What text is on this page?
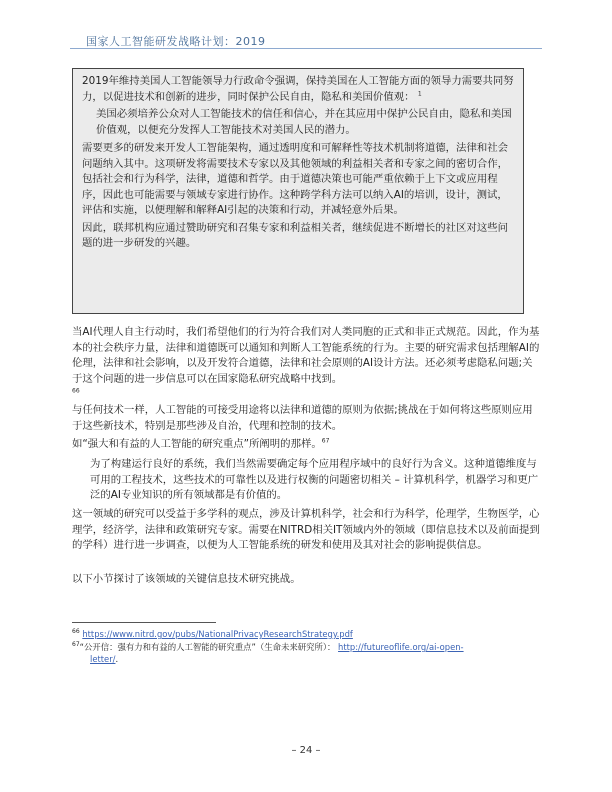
国家人工智能研发战略计划：2019

2019年维持美国人工智能领导力行政命令强调，保持美国在人工智能方面的领导力需要共同努力，以促进技术和创新的进步，同时保护公民自由，隐私和美国价值观： $^1$

美国必须培养公众对人工智能技术的信任和信心，并在其应用中保护公民自由，隐私和美国价值观，以便充分发挥人工智能技术对美国人民的潜力。

需要更多的研发来开发人工智能架构，通过透明度和可解释性等技术机制将道德，法律和社会问题纳入其中。这项研发将需要技术专家以及其他领域的利益相关者和专家之间的密切合作，包括社会和行为科学，法律，道德和哲学。由于道德决策也可能严重依赖于上下文或应用程序，因此也可能需要与领域专家进行协作。这种跨学科方法可以纳入AI的培训，设计，测试，评估和实施，以便理解和解释AI引起的决策和行动，并减轻意外后果。

因此，联邦机构应通过赞助研究和召集专家和利益相关者，继续促进不断增长的社区对这些问题的进一步研发的兴趣。

当AI代理人自主行动时，我们希望他们的行为符合我们对人类同胞的正式和非正式规范。因此，作为基本的社会秩序力量，法律和道德既可以通知和判断人工智能系统的行为。主要的研究需求包括理解AI的伦理，法律和社会影响，以及开发符合道德，法律和社会原则的AI设计方法。还必须考虑隐私问题;关于这个问题的进一步信息可以在国家隐私研究战略中找到。
$^{66}$

与任何技术一样，人工智能的可接受用途将以法律和道德的原则为依据;挑战在于如何将这些原则应用于这些新技术，特别是那些涉及自治，代理和控制的技术。

如“强大和有益的人工智能的研究重点”所阐明的那样。$^{67}$

为了构建运行良好的系统，我们当然需要确定每个应用程序域中的良好行为含义。这种道德维度与可用的工程技术，这些技术的可靠性以及进行权衡的问题密切相关 – 计算机科学，机器学习和更广泛的AI专业知识的所有领域都是有价值的。

这一领域的研究可以受益于多学科的观点，涉及计算机科学，社会和行为科学，伦理学，生物医学，心理学，经济学，法律和政策研究专家。需要在NITRD相关IT领域内外的领域（即信息技术以及前面提到的学科）进行进一步调查，以便为人工智能系统的研发和使用及其对社会的影响提供信息。

以下小节探讨了该领域的关键信息技术研究挑战。

$^{66}$ https://www.nitrd.gov/pubs/NationalPrivacyResearchStrategy.pdf

$^{67}$“公开信：强有力和有益的人工智能的研究重点”（生命未来研究所）： http://futureoflife.org/ai-open-
letter/.

– 24 –
